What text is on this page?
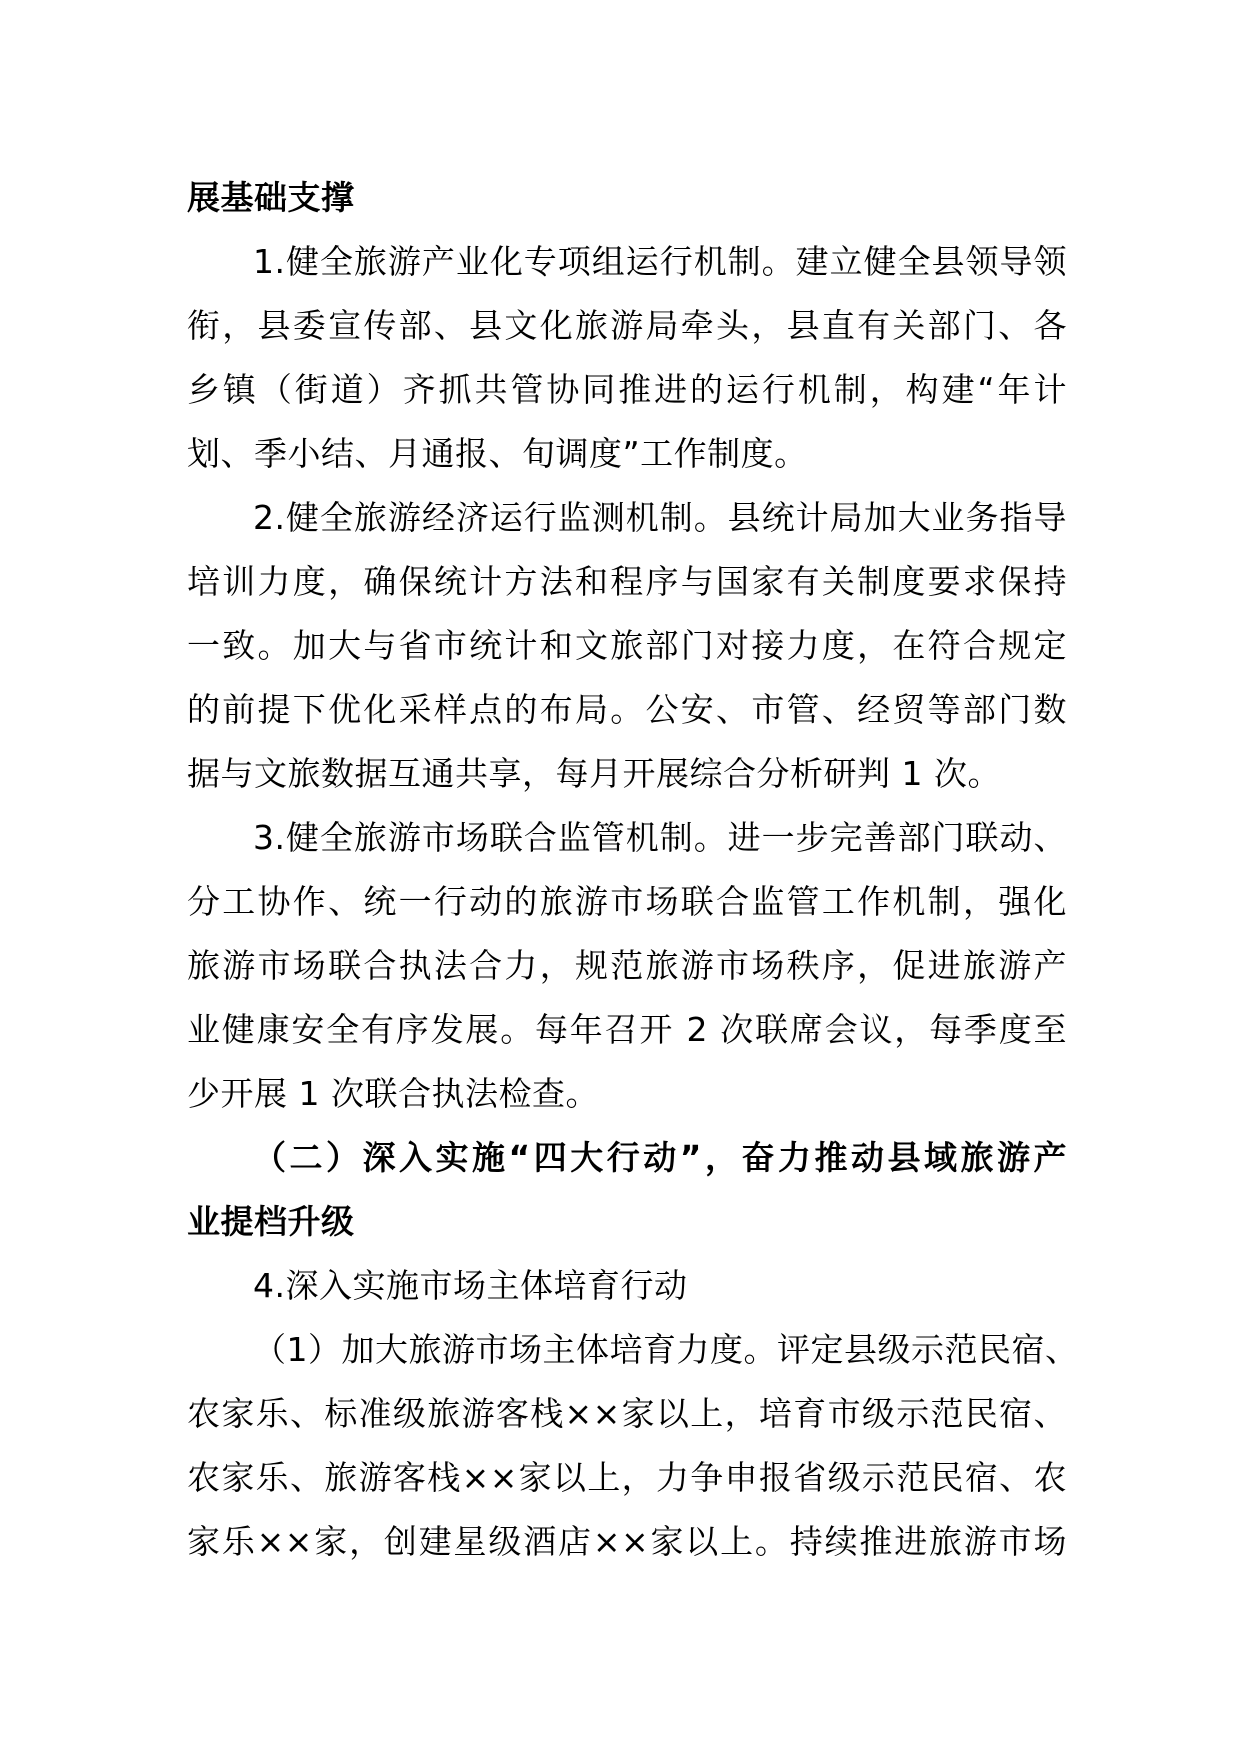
展基础支撑
1.健全旅游产业化专项组运行机制。建立健全县领导领
衔，县委宣传部、县文化旅游局牵头，县直有关部门、各
乡镇（街道）齐抓共管协同推进的运行机制，构建“年计
划、季小结、月通报、旬调度”工作制度。
2.健全旅游经济运行监测机制。县统计局加大业务指导
培训力度，确保统计方法和程序与国家有关制度要求保持
一致。加大与省市统计和文旅部门对接力度，在符合规定
的前提下优化采样点的布局。公安、市管、经贸等部门数
据与文旅数据互通共享，每月开展综合分析研判 1 次。
3.健全旅游市场联合监管机制。进一步完善部门联动、
分工协作、统一行动的旅游市场联合监管工作机制，强化
旅游市场联合执法合力，规范旅游市场秩序，促进旅游产
业健康安全有序发展。每年召开 2 次联席会议，每季度至
少开展 1 次联合执法检查。
（二）深入实施“四大行动”，奋力推动县域旅游产
业提档升级
4.深入实施市场主体培育行动
（1）加大旅游市场主体培育力度。评定县级示范民宿、
农家乐、标准级旅游客栈××家以上，培育市级示范民宿、
农家乐、旅游客栈××家以上，力争申报省级示范民宿、农
家乐××家，创建星级酒店××家以上。持续推进旅游市场
